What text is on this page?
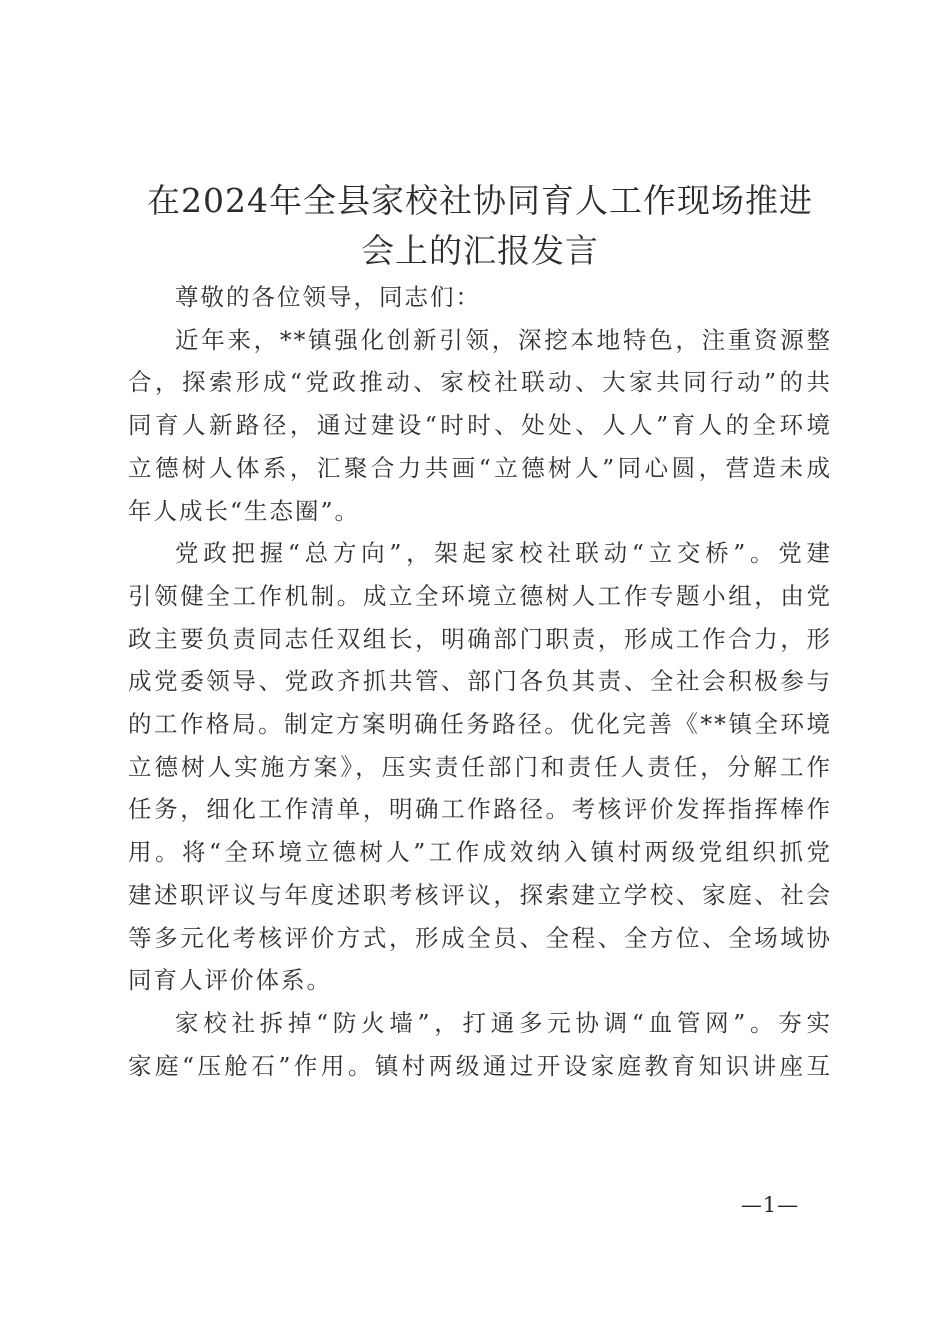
在2024年全县家校社协同育人工作现场推进
会上的汇报发言

尊敬的各位领导，同志们：

近年来，**镇强化创新引领，深挖本地特色，注重资源整
合，探索形成“党政推动、家校社联动、大家共同行动”的共
同育人新路径，通过建设“时时、处处、人人”育人的全环境
立德树人体系，汇聚合力共画“立德树人”同心圆，营造未成
年人成长“生态圈”。

党政把握“总方向”，架起家校社联动“立交桥”。党建
引领健全工作机制。成立全环境立德树人工作专题小组，由党
政主要负责同志任双组长，明确部门职责，形成工作合力，形
成党委领导、党政齐抓共管、部门各负其责、全社会积极参与
的工作格局。制定方案明确任务路径。优化完善《**镇全环境
立德树人实施方案》，压实责任部门和责任人责任，分解工作
任务，细化工作清单，明确工作路径。考核评价发挥指挥棒作
用。将“全环境立德树人”工作成效纳入镇村两级党组织抓党
建述职评议与年度述职考核评议，探索建立学校、家庭、社会
等多元化考核评价方式，形成全员、全程、全方位、全场域协
同育人评价体系。

家校社拆掉“防火墙”，打通多元协调“血管网”。夯实
家庭“压舱石”作用。镇村两级通过开设家庭教育知识讲座互

—1—
